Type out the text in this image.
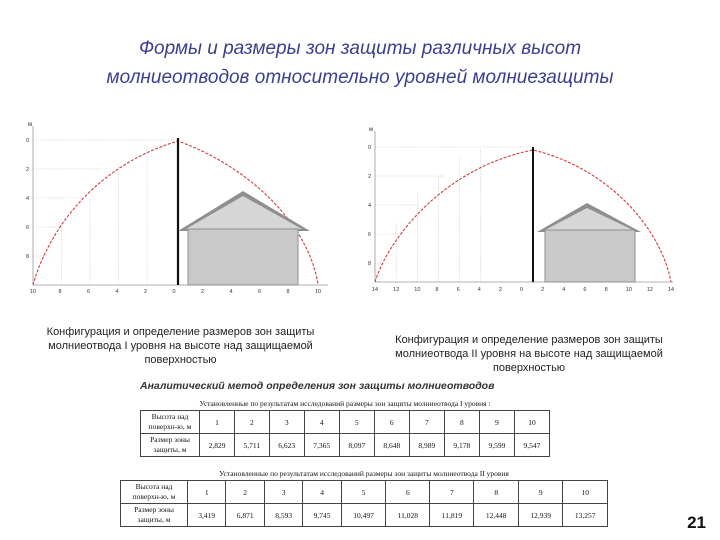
Формы и размеры зон защиты различных высот
молниеотводов относительно уровней молниезащиты
м
0
2
4
6
8
10	8	6	4	2	0	2	4	6	8	10
м
0
2
4
6
8
14	12	10	8	6	4	2	0	2	4	6	8	10	12	14
Конфигурация и определение размеров зон защиты молниеотвода I уровня на высоте над защищаемой поверхностью
Конфигурация и определение размеров зон защиты молниеотвода II уровня на высоте над защищаемой поверхностью
Аналитический метод определения зон защиты молниеотводов
Установленные по результатам исследований размеры зон защиты молниеотвода I уровня :										
Высота над поверхн-ю, м	1	2	3	4	5	6	7	8	9	10
Размер зоны защиты, м	2,829	5,711	6,623	7,365	8,097	8,648	8,989	9,178	9,599	9,547
Установленные по результатам исследований размеры зон защиты молниеотвода II уровня										
Высота над поверхн-ю, м	1	2	3	4	5	6	7	8	9	10
Размер зоны защиты, м	3,419	6,871	8,593	9,745	10,497	11,028	11,819	12,448	12,939	13,257	21
